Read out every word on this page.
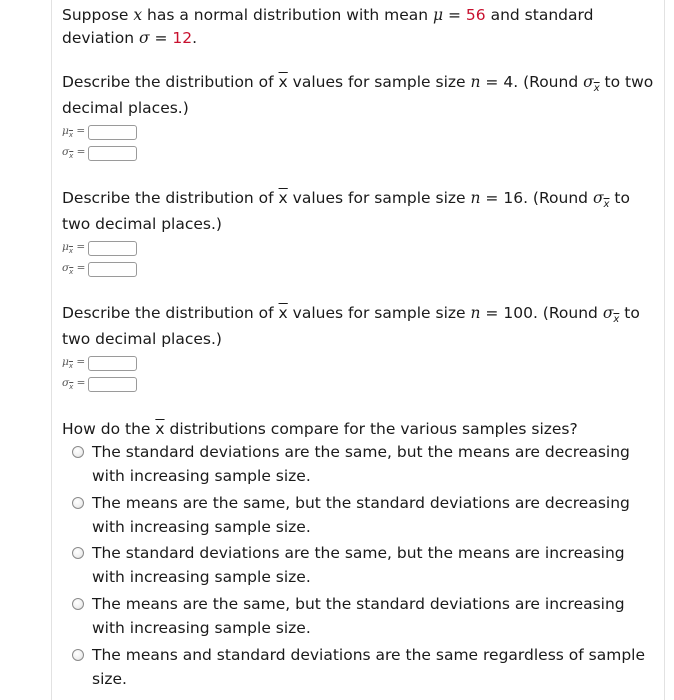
Suppose x has a normal distribution with mean μ = 56 and standard
deviation σ = 12.
Describe the distribution of $\overline{x}$ values for sample size n = 4. (Round $\sigma_{\overline{x}}$ to two
decimal places.)
$\mu_{\overline{x}}$ =
$\sigma_{\overline{x}}$ =
Describe the distribution of $\overline{x}$ values for sample size n = 16. (Round $\sigma_{\overline{x}}$ to
two decimal places.)
$\mu_{\overline{x}}$ =
$\sigma_{\overline{x}}$ =
Describe the distribution of $\overline{x}$ values for sample size n = 100. (Round $\sigma_{\overline{x}}$ to
two decimal places.)
$\mu_{\overline{x}}$ =
$\sigma_{\overline{x}}$ =
How do the $\overline{x}$ distributions compare for the various samples sizes?
The standard deviations are the same, but the means are decreasing with increasing sample size.
The means are the same, but the standard deviations are decreasing with increasing sample size.
The standard deviations are the same, but the means are increasing with increasing sample size.
The means are the same, but the standard deviations are increasing with increasing sample size.
The means and standard deviations are the same regardless of sample size.
